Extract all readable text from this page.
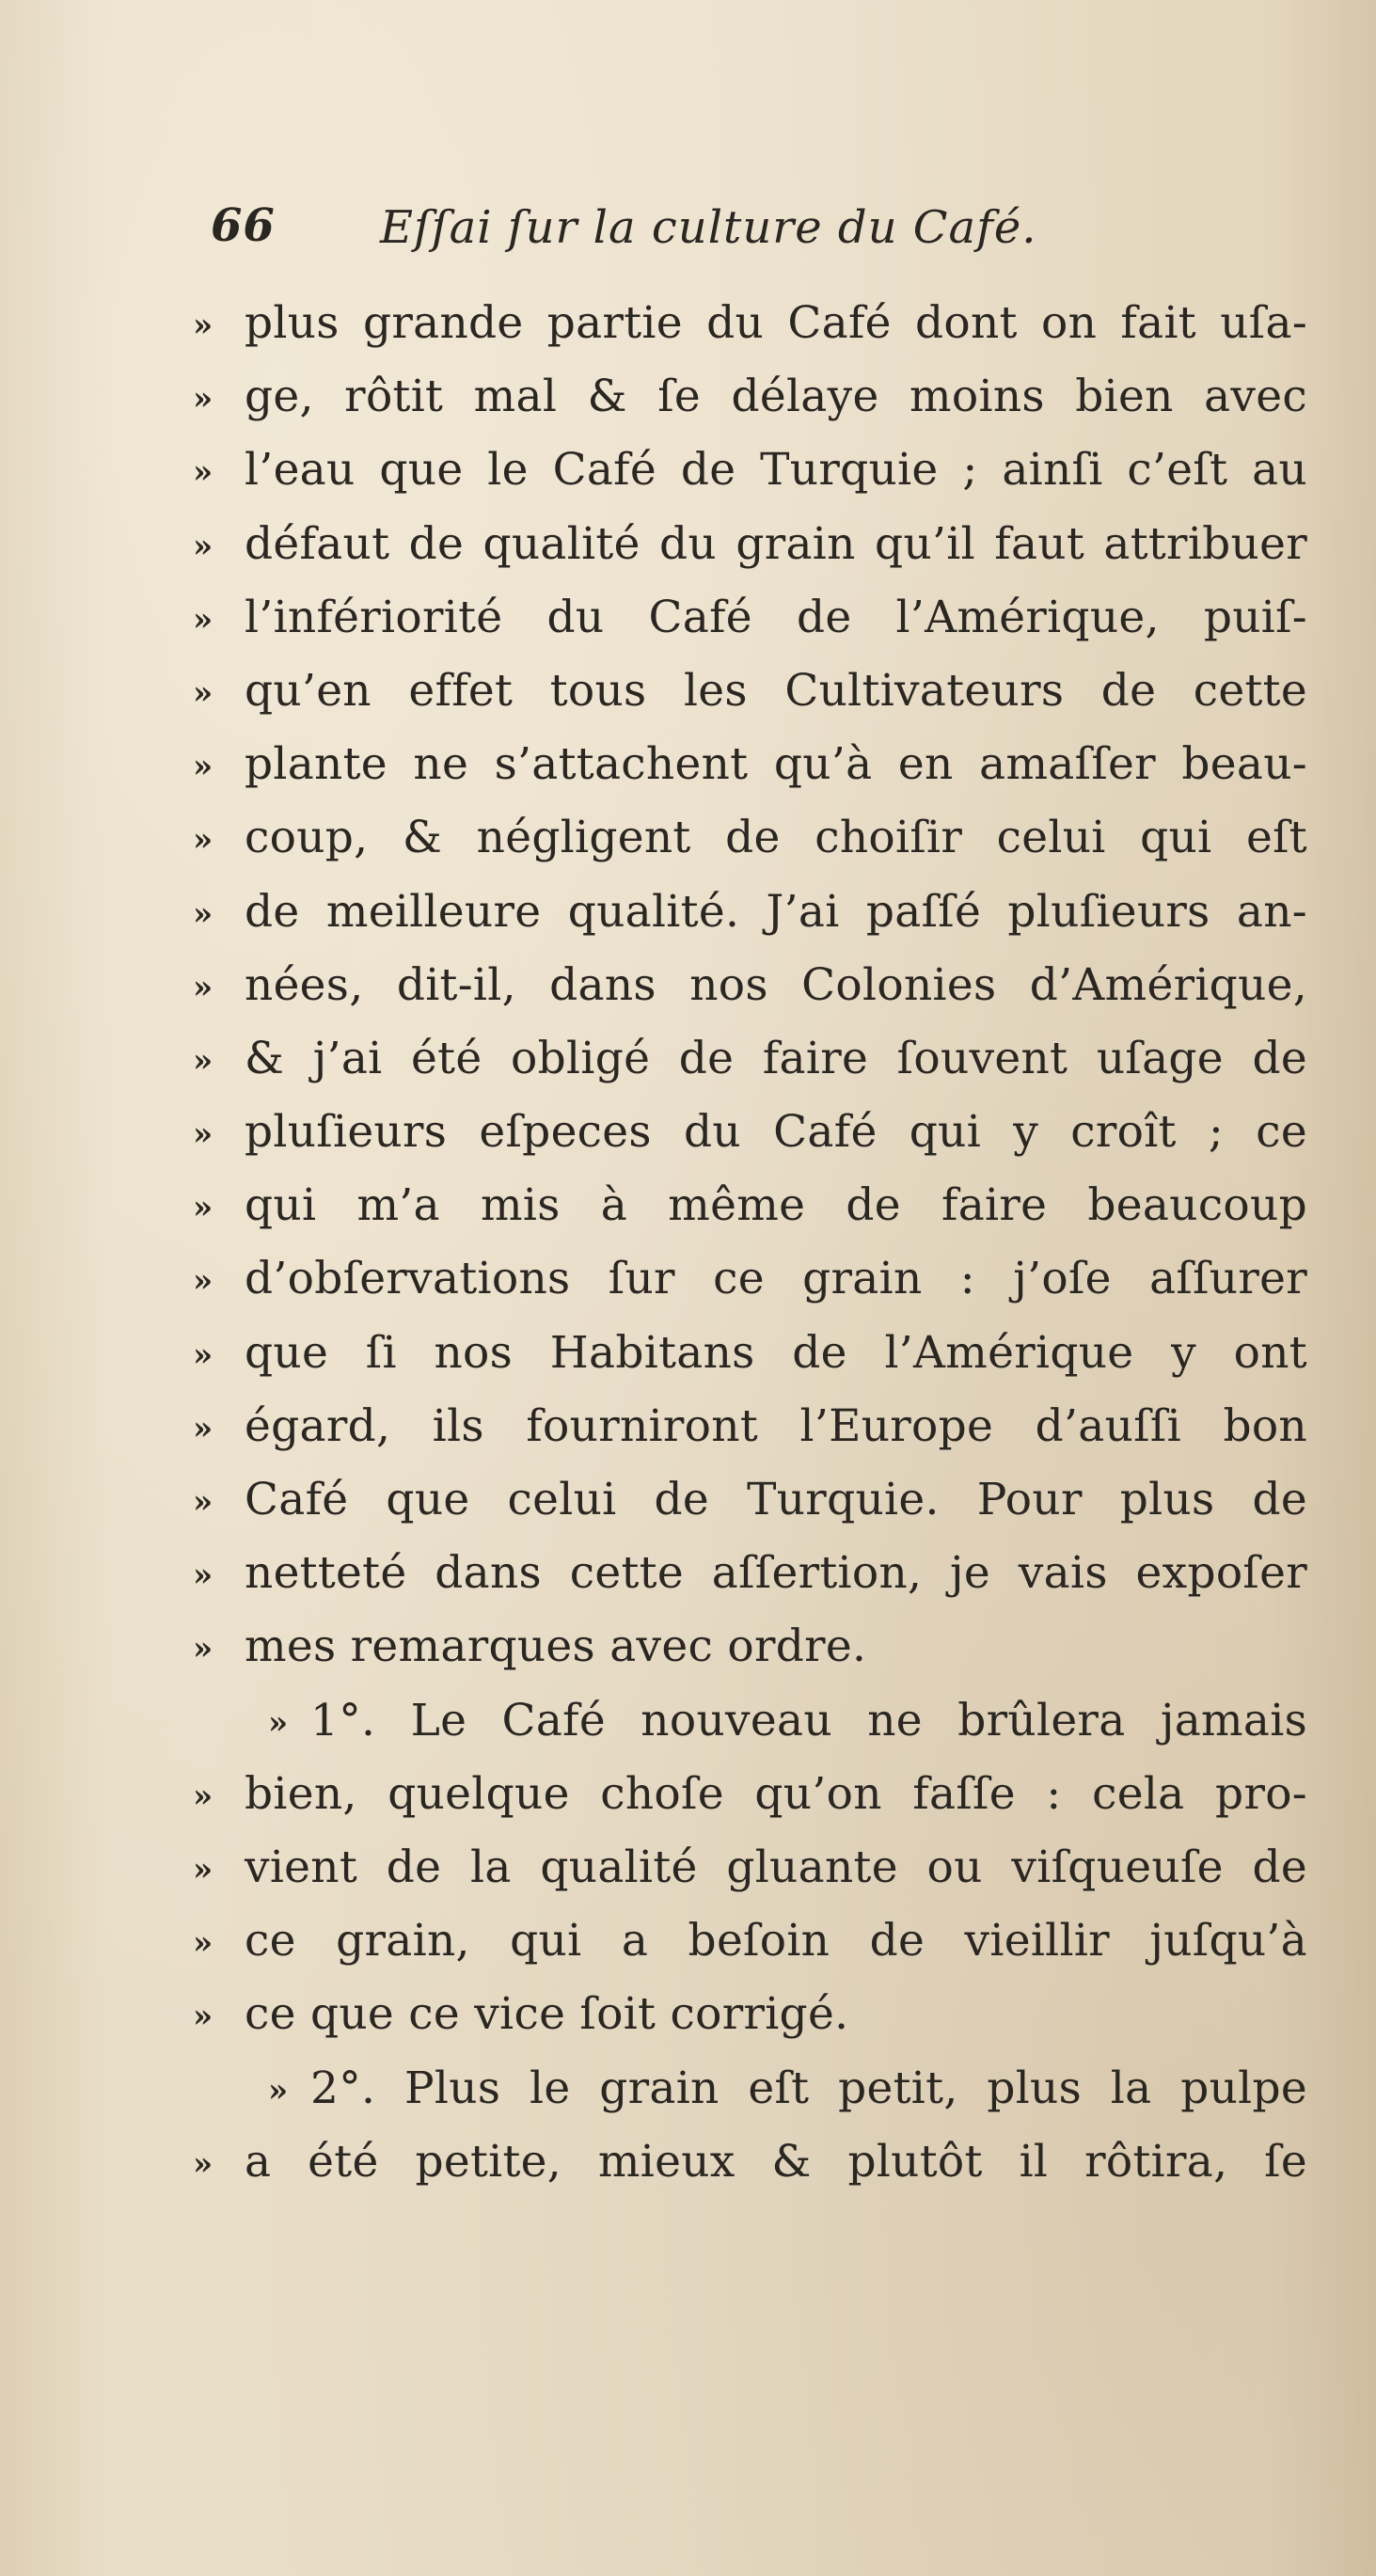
66 Eſſai ſur la culture du Café.
» plus grande partie du Café dont on fait uſa-
» ge, rôtit mal & ſe délaye moins bien avec
» l’eau que le Café de Turquie ; ainſi c’eſt au
» défaut de qualité du grain qu’il faut attribuer
» l’infériorité du Café de l’Amérique, puiſ-
» qu’en effet tous les Cultivateurs de cette
» plante ne s’attachent qu’à en amaſſer beau-
» coup, & négligent de choiſir celui qui eſt
» de meilleure qualité. J’ai paſſé pluſieurs an-
» nées, dit-il, dans nos Colonies d’Amérique,
» & j’ai été obligé de faire ſouvent uſage de
» pluſieurs eſpeces du Café qui y croît ; ce
» qui m’a mis à même de faire beaucoup
» d’obſervations ſur ce grain : j’oſe aſſurer
» que ſi nos Habitans de l’Amérique y ont
» égard, ils fourniront l’Europe d’auſſi bon
» Café que celui de Turquie. Pour plus de
» netteté dans cette aſſertion, je vais expoſer
» mes remarques avec ordre.
» 1°. Le Café nouveau ne brûlera jamais
» bien, quelque choſe qu’on faſſe : cela pro-
» vient de la qualité gluante ou viſqueuſe de
» ce grain, qui a beſoin de vieillir juſqu’à
» ce que ce vice ſoit corrigé.
» 2°. Plus le grain eſt petit, plus la pulpe
» a été petite, mieux & plutôt il rôtira, ſe
